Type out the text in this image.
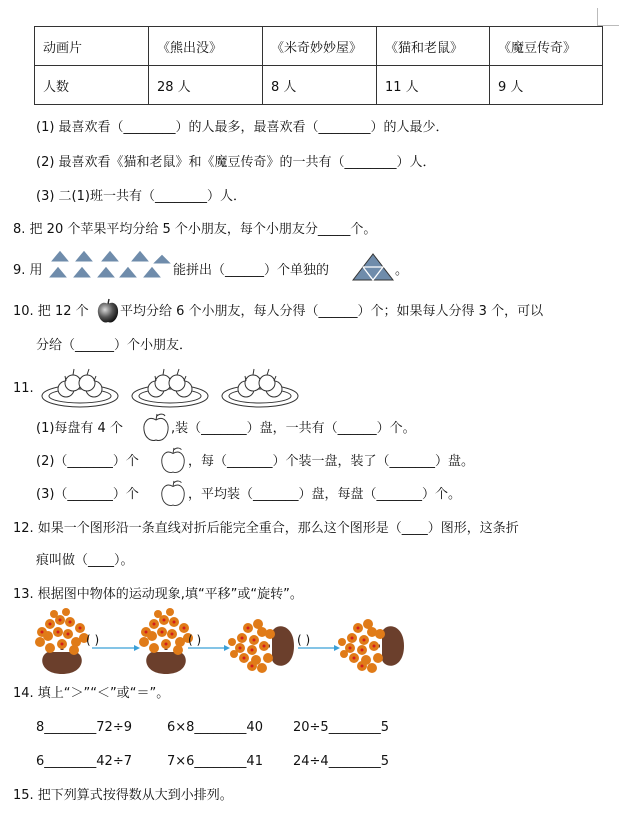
动画片	《熊出没》	《米奇妙妙屋》	《猫和老鼠》	《魔豆传奇》
人数	28 人	8 人	11 人	9 人
(1) 最喜欢看（________）的人最多，最喜欢看（________）的人最少．
(2) 最喜欢看《猫和老鼠》和《魔豆传奇》的一共有（________）人．
(3) 二(1)班一共有（________）人．
8. 把 20 个苹果平均分给 5 个小朋友，每个小朋友分_____个。
9. 用	能拼出（______）个单独的	。
10. 把 12 个 平均分给 6 个小朋友，每人分得（______）个；如果每人分得 3 个，可以
分给（______）个小朋友．
11.
(1)每盘有 4 个	,装（_______）盘，一共有（______）个。
(2)（_______）个	，每（_______）个装一盘，装了（_______）盘。
(3)（_______）个	，平均装（_______）盘，每盘（_______）个。
12. 如果一个图形沿一条直线对折后能完全重合，那么这个图形是（____）图形，这条折
痕叫做（____）。
13. 根据图中物体的运动现象,填“平移”或“旋转”。
( )	( )	( )
14. 填上“＞”“＜”或“＝”。
8________72÷9	6×8________40 20÷5________5
6________42÷7	7×6________41 24÷4________5
15. 把下列算式按得数从大到小排列。
